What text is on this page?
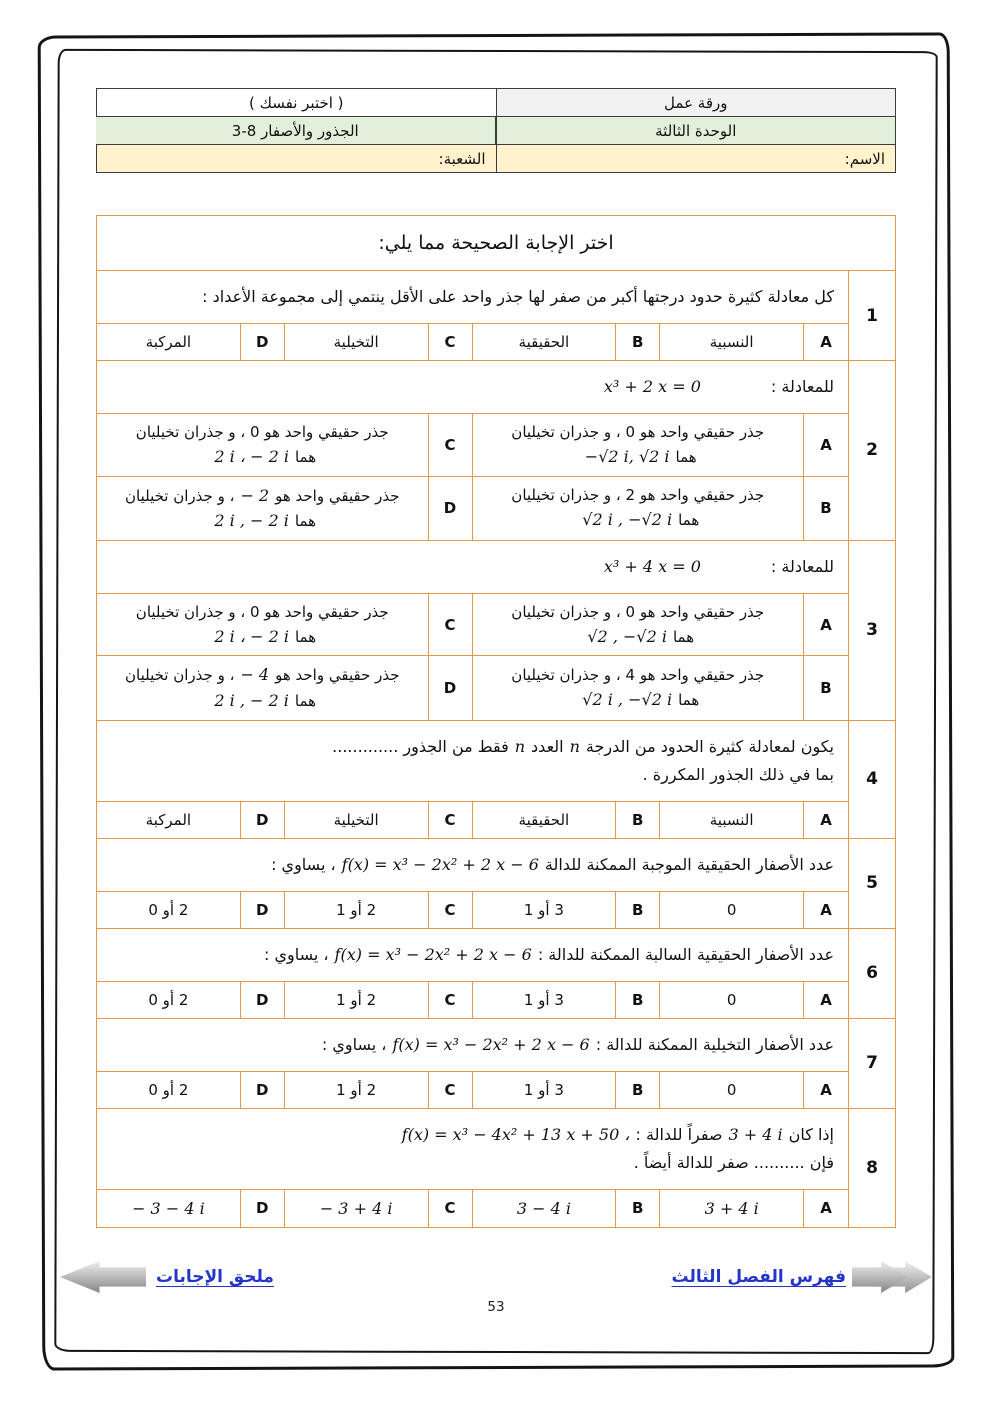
ورقة عمل
( اختبر نفسك )
الوحدة الثالثة
3-8 الجذور والأصفار
الاسم:
الشعبة:
اختر الإجابة الصحيحة مما يلي:
1
كل معادلة كثيرة حدود درجتها أكبر من صفر لها جذر واحد على الأقل ينتمي إلى مجموعة الأعداد :
A
النسبية
B
الحقيقية
C
التخيلية
D
المركبة
2
للمعادلة :x³ + 2 x = 0
A
جذر حقيقي واحد هو 0 ، و جذران تخيليان هما−√2 i, √2 i
C
جذر حقيقي واحد هو 0 ، و جذران تخيليان هما2 i ، − 2 i
B
جذر حقيقي واحد هو 2 ، و جذران تخيليان هما√2 i , −√2 i
D
جذر حقيقي واحد هو− 2، و جذران تخيليان هما2 i , − 2 i
3
للمعادلة :x³ + 4 x = 0
A
جذر حقيقي واحد هو 0 ، و جذران تخيليان هما√2 , −√2 i
C
جذر حقيقي واحد هو 0 ، و جذران تخيليان هما2 i ، − 2 i
B
جذر حقيقي واحد هو 4 ، و جذران تخيليان هما√2 i , −√2 i
D
جذر حقيقي واحد هو− 4، و جذران تخيليان هما2 i , − 2 i
4
يكون لمعادلة كثيرة الحدود من الدرجةnالعددnفقط من الجذور .............
بما في ذلك الجذور المكررة .
A
النسبية
B
الحقيقية
C
التخيلية
D
المركبة
5
عدد الأصفار الحقيقية الموجبة الممكنة للدالةf(x) = x³ − 2x² + 2 x − 6، يساوي :
A
0
B
3 أو 1
C
2 أو 1
D
2 أو 0
6
عدد الأصفار الحقيقية السالبة الممكنة للدالة :f(x) = x³ − 2x² + 2 x − 6، يساوي :
A
0
B
3 أو 1
C
2 أو 1
D
2 أو 0
7
عدد الأصفار التخيلية الممكنة للدالة :f(x) = x³ − 2x² + 2 x − 6، يساوي :
A
0
B
3 أو 1
C
2 أو 1
D
2 أو 0
8
إذا كان3 + 4 iصفراً للدالة :f(x) = x³ − 4x² + 13 x + 50 ،
فإن .......... صفر للدالة أيضاً .
A
3 + 4 i
B
3 − 4 i
C
− 3 + 4 i
D
− 3 − 4 i
فهرس الفصل الثالث
ملحق الإجابات
53
